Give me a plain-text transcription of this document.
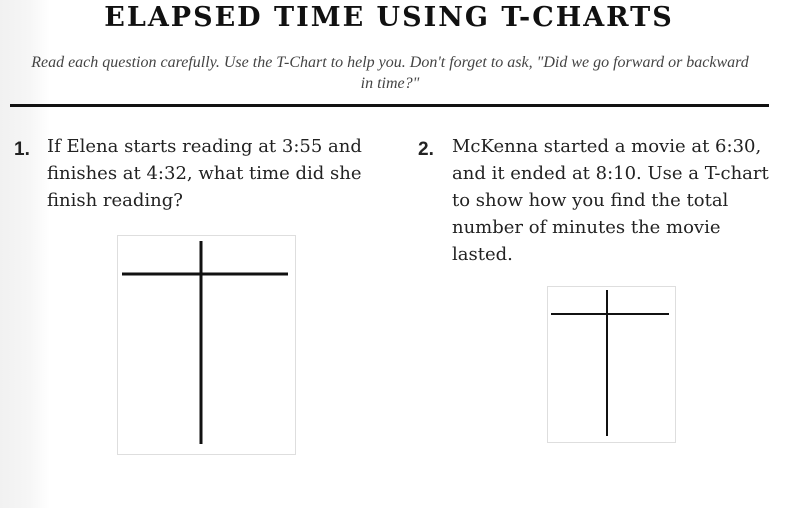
ELAPSED TIME USING T-CHARTS
Read each question carefully. Use the T-Chart to help you. Don't forget to ask, "Did we go forward or backward in time?"
1. If Elena starts reading at 3:55 and finishes at 4:32, what time did she finish reading?
2. McKenna started a movie at 6:30, and it ended at 8:10. Use a T-chart to show how you find the total number of minutes the movie lasted.
